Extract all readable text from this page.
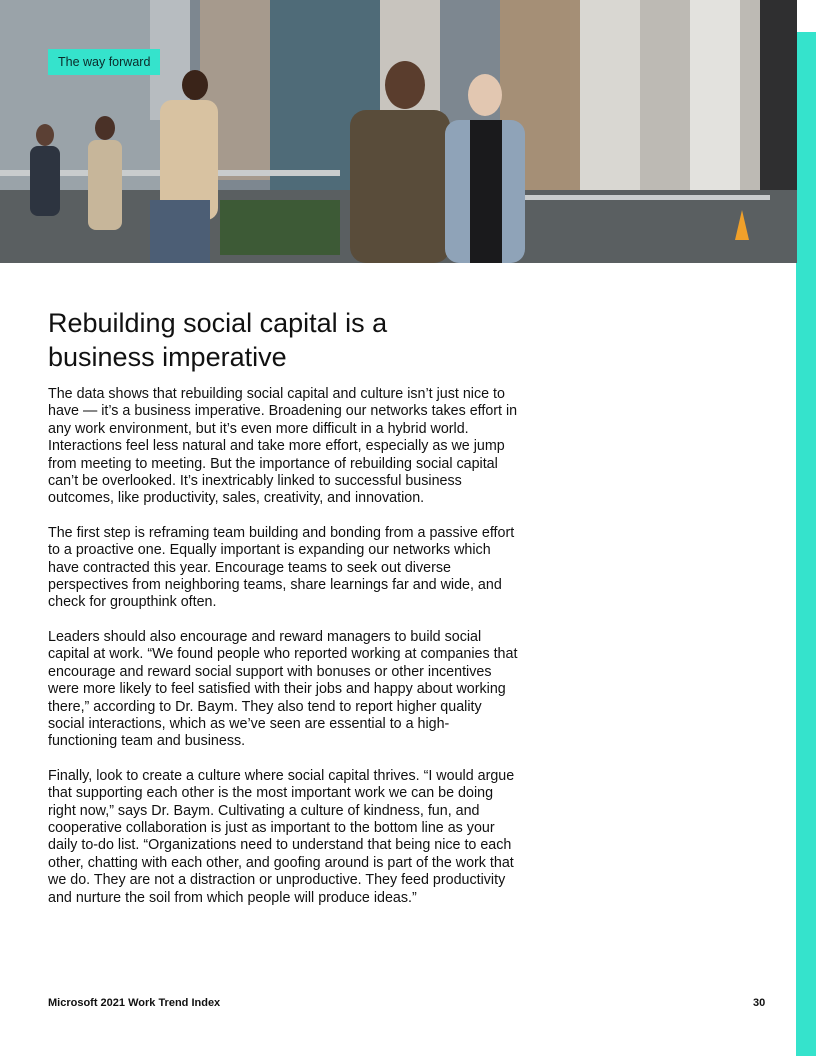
The way forward
Rebuilding social capital is a business imperative

The data shows that rebuilding social capital and culture isn’t just nice to have — it’s a business imperative. Broadening our networks takes effort in any work environment, but it’s even more difficult in a hybrid world. Interactions feel less natural and take more effort, especially as we jump from meeting to meeting. But the importance of rebuilding social capital can’t be overlooked. It’s inextricably linked to successful business outcomes, like productivity, sales, creativity, and innovation.

The first step is reframing team building and bonding from a passive effort to a proactive one. Equally important is expanding our networks which have contracted this year. Encourage teams to seek out diverse perspectives from neighboring teams, share learnings far and wide, and check for groupthink often.

Leaders should also encourage and reward managers to build social capital at work. “We found people who reported working at companies that encourage and reward social support with bonuses or other incentives were more likely to feel satisfied with their jobs and happy about working there,” according to Dr. Baym. They also tend to report higher quality social interactions, which as we’ve seen are essential to a high-functioning team and business.

Finally, look to create a culture where social capital thrives. “I would argue that supporting each other is the most important work we can be doing right now,” says Dr. Baym. Cultivating a culture of kindness, fun, and cooperative collaboration is just as important to the bottom line as your daily to-do list. “Organizations need to understand that being nice to each other, chatting with each other, and goofing around is part of the work that we do. They are not a distraction or unproductive. They feed productivity and nurture the soil from which people will produce ideas.”

Microsoft 2021 Work Trend Index	30
